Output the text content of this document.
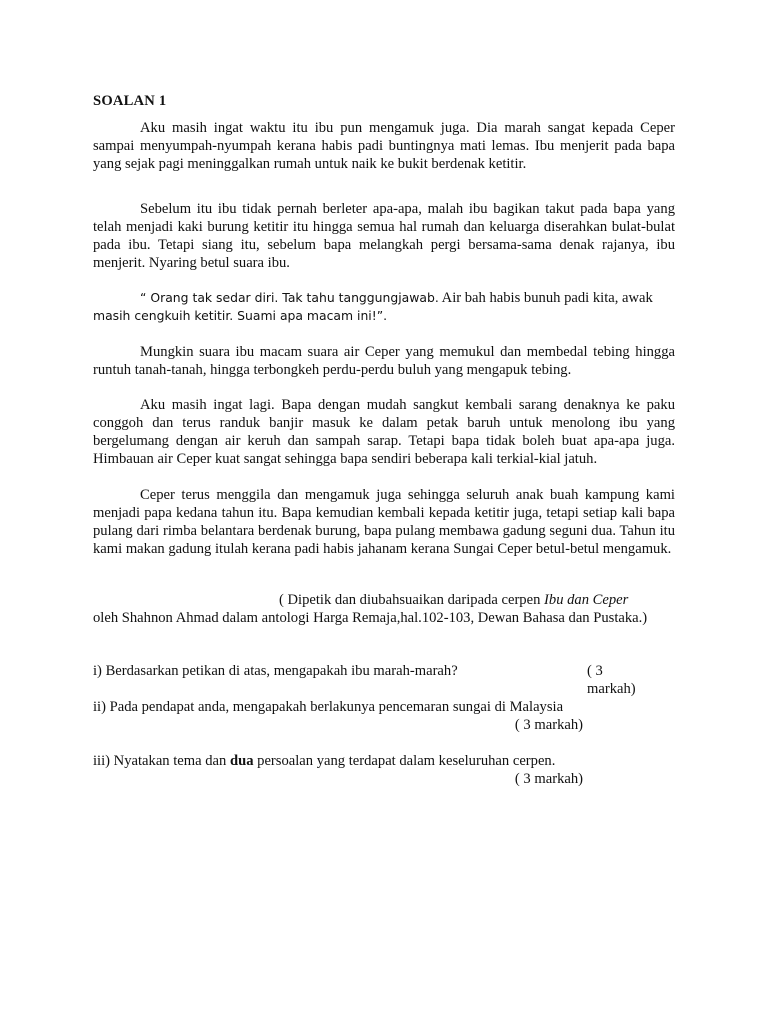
SOALAN 1

Aku masih ingat waktu itu ibu pun mengamuk juga. Dia marah sangat kepada Ceper sampai menyumpah-nyumpah kerana habis padi buntingnya mati lemas. Ibu menjerit pada bapa yang sejak pagi meninggalkan rumah untuk naik ke bukit berdenak ketitir.

Sebelum itu ibu tidak pernah berleter apa-apa, malah ibu bagikan takut pada bapa yang telah menjadi kaki burung ketitir itu hingga semua hal rumah dan keluarga diserahkan bulat-bulat pada ibu. Tetapi siang itu, sebelum bapa melangkah pergi bersama-sama denak rajanya, ibu menjerit. Nyaring betul suara ibu.

“ Orang tak sedar diri. Tak tahu tanggungjawab. Air bah habis bunuh padi kita, awak
masih cengkuih ketitir. Suami apa macam ini!”.

Mungkin suara ibu macam suara air Ceper yang memukul dan membedal tebing hingga runtuh tanah-tanah, hingga terbongkeh perdu-perdu buluh yang mengapuk tebing.

Aku masih ingat lagi. Bapa dengan mudah sangkut kembali sarang denaknya ke paku conggoh dan terus randuk banjir masuk ke dalam petak baruh untuk menolong ibu yang bergelumang dengan air keruh dan sampah sarap. Tetapi bapa tidak boleh buat apa-apa juga. Himbauan air Ceper kuat sangat sehingga bapa sendiri beberapa kali terkial-kial jatuh.

Ceper terus menggila dan mengamuk juga sehingga seluruh anak buah kampung kami menjadi papa kedana tahun itu. Bapa kemudian kembali kepada ketitir juga, tetapi setiap kali bapa pulang dari rimba belantara berdenak burung, bapa pulang membawa gadung seguni dua. Tahun itu kami makan gadung itulah kerana padi habis jahanam kerana Sungai Ceper betul-betul mengamuk.

( Dipetik dan diubahsuaikan daripada cerpen Ibu dan Ceper
oleh Shahnon Ahmad dalam antologi Harga Remaja,hal.102-103, Dewan Bahasa dan Pustaka.)

i) Berdasarkan petikan di atas, mengapakah ibu marah-marah?	( 3 markah)
ii) Pada pendapat anda, mengapakah berlakunya pencemaran sungai di Malaysia
( 3 markah)
iii) Nyatakan tema dan dua persoalan yang terdapat dalam keseluruhan cerpen.
( 3 markah)
